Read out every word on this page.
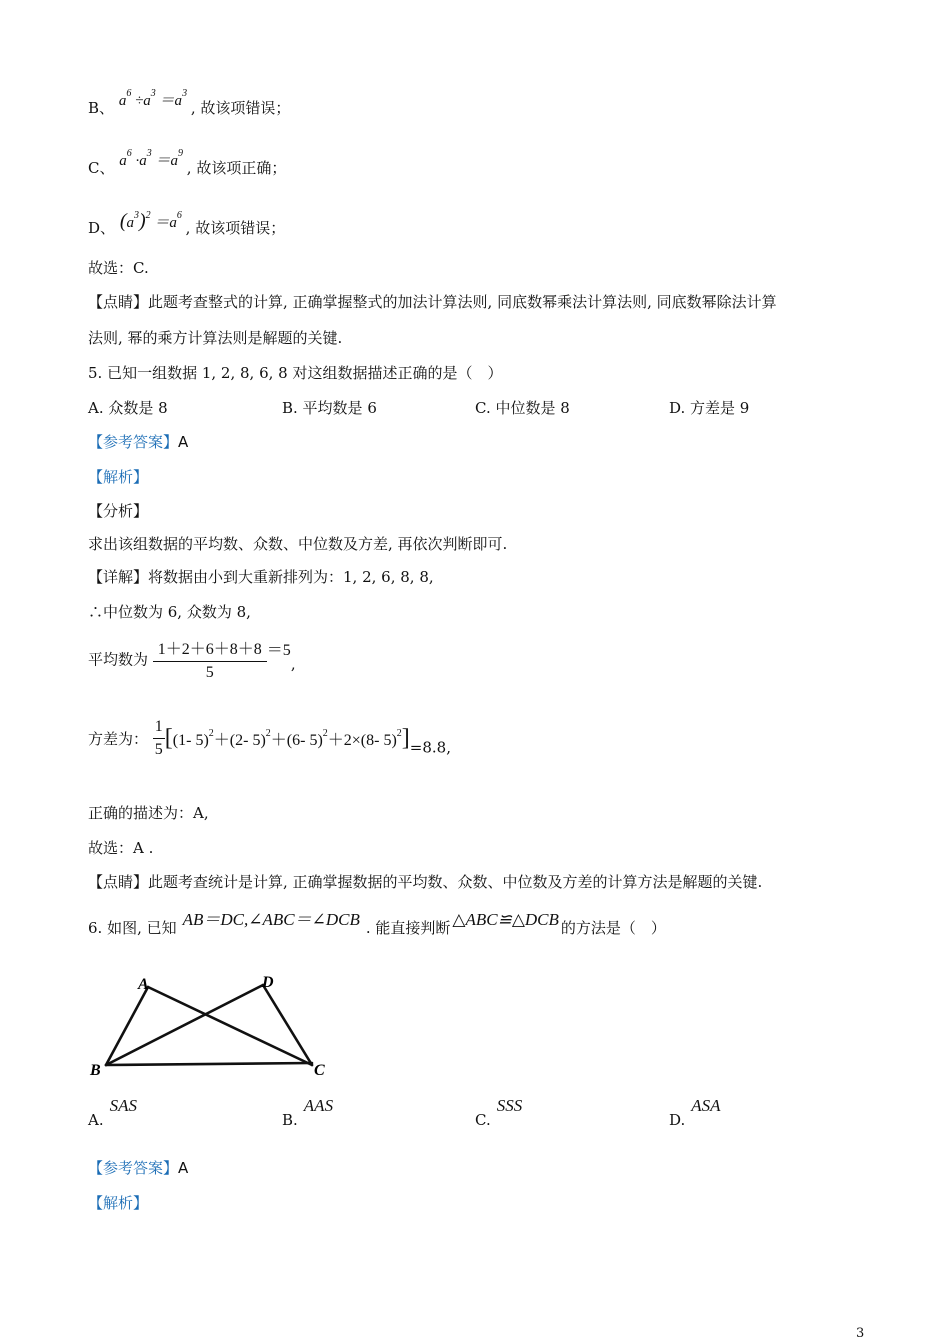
B、 $a^6 \div a^3 =a^3$ , 故该项错误；
C、 $a^6 \cdot a^3 =a^9$ , 故该项正确；
D、 $(a^3)^2 =a^6$ , 故该项错误；
故选：C.
【点睛】此题考查整式的计算, 正确掌握整式的加法计算法则, 同底数幂乘法计算法则, 同底数幂除法计算
法则, 幂的乘方计算法则是解题的关键.
5. 已知一组数据 1, 2, 8, 6, 8 对这组数据描述正确的是（　）
A. 众数是 8	B. 平均数是 6	C. 中位数是 8	D. 方差是 9
【参考答案】A
【解析】
【分析】
求出该组数据的平均数、众数、中位数及方差, 再依次判断即可.
【详解】将数据由小到大重新排列为：1, 2, 6, 8, 8,
∴中位数为 6, 众数为 8,
平均数为 $\frac{1+2+6+8+8}{5} =5$,
方差为： $\frac{1}{5} [(1-$ 5)$^2$＋(2- 5)$^2$＋(6- 5)$^2$＋2×(8- 5)$^2$]=8.8,
正确的描述为：A,
故选：A .
【点睛】此题考查统计是计算, 正确掌握数据的平均数、众数、中位数及方差的计算方法是解题的关键.
6. 如图, 已知 AB＝DC,∠ABC＝∠DCB . 能直接判断 △ABC≌△DCB 的方法是（　）
A	D
B	C
A.SAS
B.AAS
C.SSS
D.ASA
【参考答案】A
【解析】
3
